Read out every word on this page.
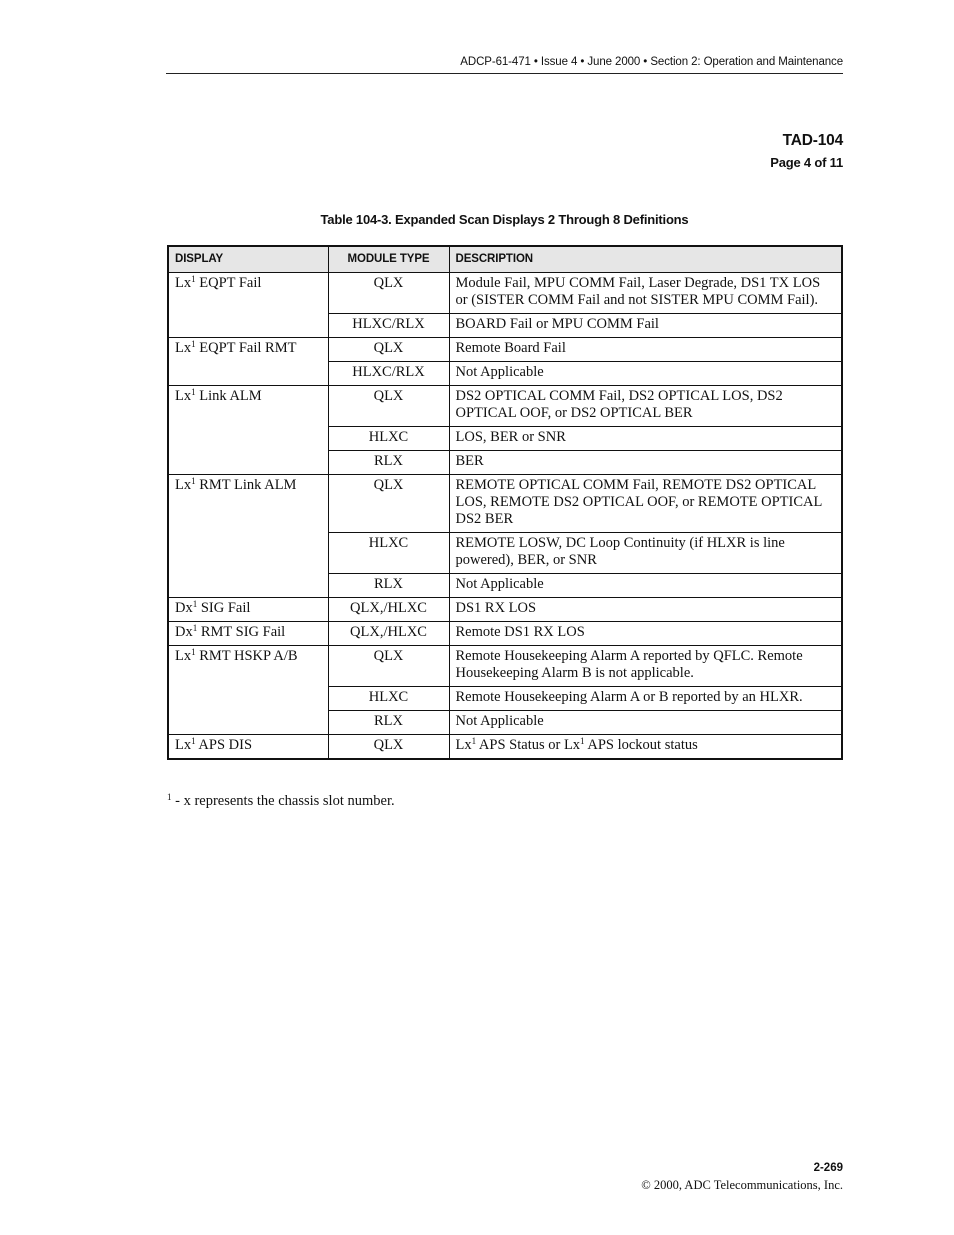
ADCP-61-471 • Issue 4 • June 2000 • Section 2: Operation and Maintenance
TAD-104
Page 4 of 11
Table 104-3. Expanded Scan Displays 2 Through 8 Definitions
DISPLAY	MODULE TYPE	DESCRIPTION
Lx$^1$ EQPT Fail	QLX	Module Fail, MPU COMM Fail, Laser Degrade, DS1 TX LOS or (SISTER COMM Fail and not SISTER MPU COMM Fail).
	HLXC/RLX	BOARD Fail or MPU COMM Fail
Lx$^1$ EQPT Fail RMT	QLX	Remote Board Fail
	HLXC/RLX	Not Applicable
Lx$^1$ Link ALM	QLX	DS2 OPTICAL COMM Fail, DS2 OPTICAL LOS, DS2 OPTICAL OOF, or DS2 OPTICAL BER
	HLXC	LOS, BER or SNR
	RLX	BER
Lx$^1$ RMT Link ALM	QLX	REMOTE OPTICAL COMM Fail, REMOTE DS2 OPTICAL LOS, REMOTE DS2 OPTICAL OOF, or REMOTE OPTICAL DS2 BER
	HLXC	REMOTE LOSW, DC Loop Continuity (if HLXR is line powered), BER, or SNR
	RLX	Not Applicable
Dx$^1$ SIG Fail	QLX,/HLXC	DS1 RX LOS
Dx$^1$ RMT SIG Fail	QLX,/HLXC	Remote DS1 RX LOS
Lx$^1$ RMT HSKP A/B	QLX	Remote Housekeeping Alarm A reported by QFLC. Remote Housekeeping Alarm B is not applicable.
	HLXC	Remote Housekeeping Alarm A or B reported by an HLXR.
	RLX	Not Applicable
Lx$^1$ APS DIS	QLX	Lx$^1$ APS Status or Lx$^1$ APS lockout status
$^1$ - x represents the chassis slot number.
2-269
© 2000, ADC Telecommunications, Inc.
